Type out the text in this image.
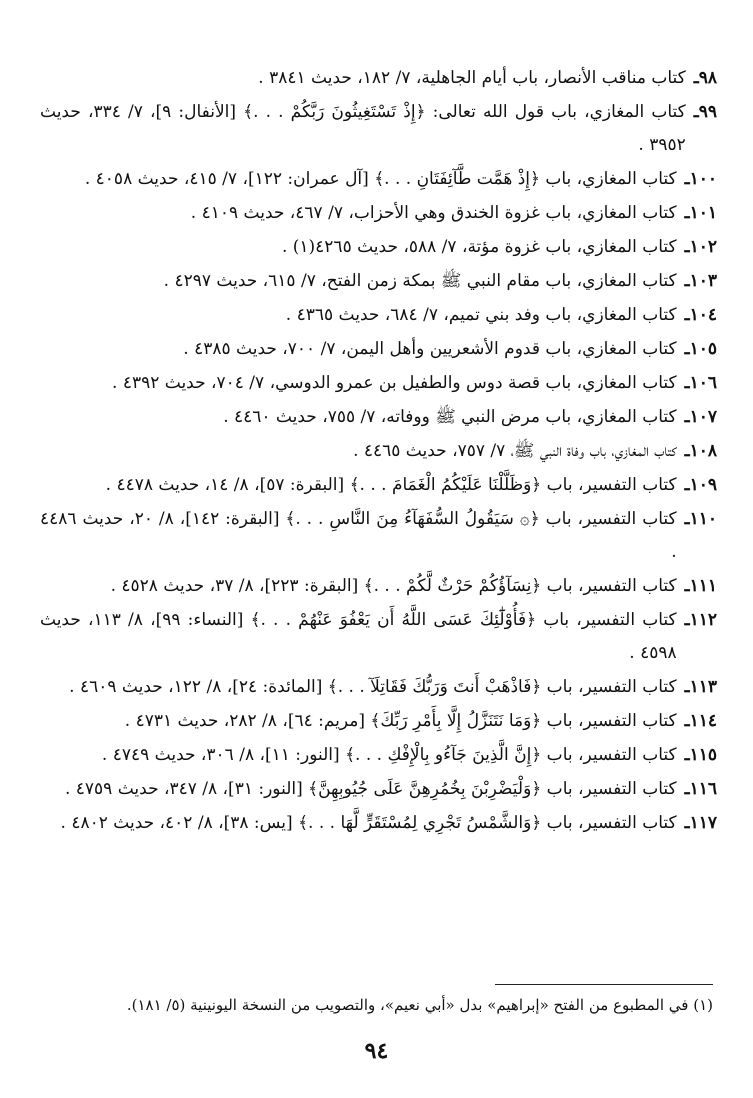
٩٨ـ
كتاب مناقب الأنصار، باب أيام الجاهلية، ٧/ ١٨٢، حديث ٣٨٤١ .
٩٩ـ
كتاب المغازي، باب قول الله تعالى: ﴿إِذْ تَسْتَغِيثُونَ رَبَّكُمْ . . .﴾ [الأنفال: ٩]، ٧/ ٣٣٤، حديث ٣٩٥٢ .
١٠٠ـ
كتاب المغازي، باب ﴿إِذْ هَمَّت طَّآئِفَتَانِ . . .﴾ [آل عمران: ١٢٢]، ٧/ ٤١٥، حديث ٤٠٥٨ .
١٠١ـ
كتاب المغازي، باب غزوة الخندق وهي الأحزاب، ٧/ ٤٦٧، حديث ٤١٠٩ .
١٠٢ـ
كتاب المغازي، باب غزوة مؤتة، ٧/ ٥٨٨، حديث ٤٢٦٥(١) .
١٠٣ـ
كتاب المغازي، باب مقام النبي ﷺ بمكة زمن الفتح، ٧/ ٦١٥، حديث ٤٢٩٧ .
١٠٤ـ
كتاب المغازي، باب وفد بني تميم، ٧/ ٦٨٤، حديث ٤٣٦٥ .
١٠٥ـ
كتاب المغازي، باب قدوم الأشعريين وأهل اليمن، ٧/ ٧٠٠، حديث ٤٣٨٥ .
١٠٦ـ
كتاب المغازي، باب قصة دوس والطفيل بن عمرو الدوسي، ٧/ ٧٠٤، حديث ٤٣٩٢ .
١٠٧ـ
كتاب المغازي، باب مرض النبي ﷺ ووفاته، ٧/ ٧٥٥، حديث ٤٤٦٠ .
١٠٨ـ
كتاب المغازي، باب وفاة النبي ﷺ، ٧/ ٧٥٧، حديث ٤٤٦٥ .
١٠٩ـ
كتاب التفسير، باب ﴿وَظَلَّلْنَا عَلَيْكُمُ الْغَمَامَ . . .﴾ [البقرة: ٥٧]، ٨/ ١٤، حديث ٤٤٧٨ .
١١٠ـ
كتاب التفسير، باب ﴿۞ سَيَقُولُ السُّفَهَآءُ مِنَ النَّاسِ . . .﴾ [البقرة: ١٤٢]، ٨/ ٢٠، حديث ٤٤٨٦ .
١١١ـ
كتاب التفسير، باب ﴿نِسَآؤُكُمْ حَرْثٌ لَّكُمْ . . .﴾ [البقرة: ٢٢٣]، ٨/ ٣٧، حديث ٤٥٢٨ .
١١٢ـ
كتاب التفسير، باب ﴿فَأُوْلَٰٓئِكَ عَسَى اللَّهُ أَن يَعْفُوَ عَنْهُمْ . . .﴾ [النساء: ٩٩]، ٨/ ١١٣، حديث ٤٥٩٨ .
١١٣ـ
كتاب التفسير، باب ﴿فَاذْهَبْ أَنتَ وَرَبُّكَ فَقَاتِلَآ . . .﴾ [المائدة: ٢٤]، ٨/ ١٢٢، حديث ٤٦٠٩ .
١١٤ـ
كتاب التفسير، باب ﴿وَمَا نَتَنَزَّلُ إِلَّا بِأَمْرِ رَبِّكَ﴾ [مريم: ٦٤]، ٨/ ٢٨٢، حديث ٤٧٣١ .
١١٥ـ
كتاب التفسير، باب ﴿إِنَّ الَّذِينَ جَآءُو بِالْإِفْكِ . . .﴾ [النور: ١١]، ٨/ ٣٠٦، حديث ٤٧٤٩ .
١١٦ـ
كتاب التفسير، باب ﴿وَلْيَضْرِبْنَ بِخُمُرِهِنَّ عَلَى جُيُوبِهِنَّ﴾ [النور: ٣١]، ٨/ ٣٤٧، حديث ٤٧٥٩ .
١١٧ـ
كتاب التفسير، باب ﴿وَالشَّمْسُ تَجْرِي لِمُسْتَقَرٍّ لَّهَا . . .﴾ [يس: ٣٨]، ٨/ ٤٠٢، حديث ٤٨٠٢ .
(١) في المطبوع من الفتح «إبراهيم» بدل «أبي نعيم»، والتصويب من النسخة اليونينية (٥/ ١٨١).
٩٤
